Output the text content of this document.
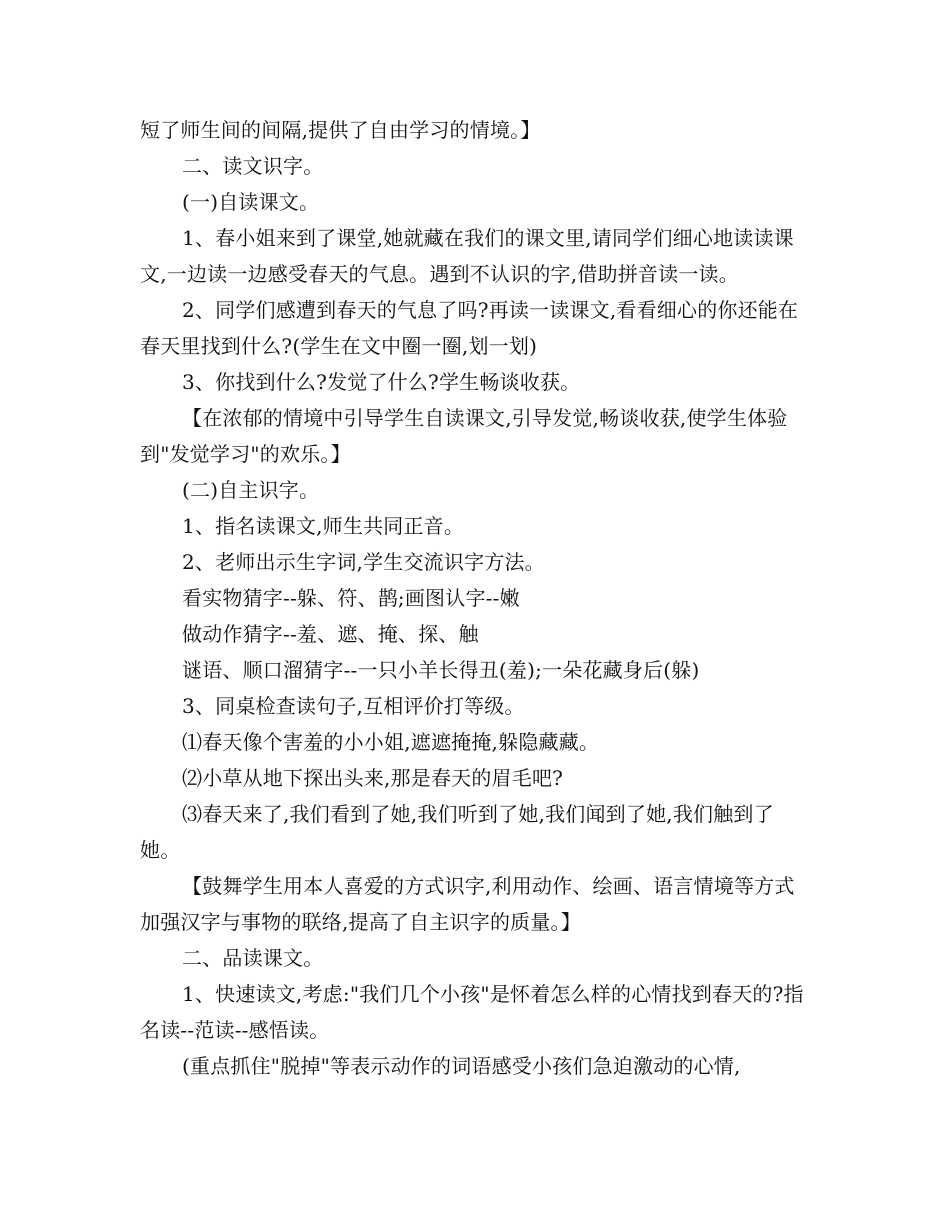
短了师生间的间隔,提供了自由学习的情境。】

二、读文识字。

(一)自读课文。

1、春小姐来到了课堂,她就藏在我们的课文里,请同学们细心地读读课文,一边读一边感受春天的气息。遇到不认识的字,借助拼音读一读。

2、同学们感遭到春天的气息了吗?再读一读课文,看看细心的你还能在春天里找到什么?(学生在文中圈一圈,划一划)

3、你找到什么?发觉了什么?学生畅谈收获。

【在浓郁的情境中引导学生自读课文,引导发觉,畅谈收获,使学生体验到"发觉学习"的欢乐。】

(二)自主识字。

1、指名读课文,师生共同正音。

2、老师出示生字词,学生交流识字方法。

看实物猜字--躲、符、鹊;画图认字--嫩

做动作猜字--羞、遮、掩、探、触

谜语、顺口溜猜字--一只小羊长得丑(羞);一朵花藏身后(躲)

3、同桌检查读句子,互相评价打等级。

⑴春天像个害羞的小小姐,遮遮掩掩,躲隐藏藏。

⑵小草从地下探出头来,那是春天的眉毛吧?

⑶春天来了,我们看到了她,我们听到了她,我们闻到了她,我们触到了她。

【鼓舞学生用本人喜爱的方式识字,利用动作、绘画、语言情境等方式加强汉字与事物的联络,提高了自主识字的质量。】

二、品读课文。

1、快速读文,考虑:"我们几个小孩"是怀着怎么样的心情找到春天的?指名读--范读--感悟读。

(重点抓住"脱掉"等表示动作的词语感受小孩们急迫激动的心情,
